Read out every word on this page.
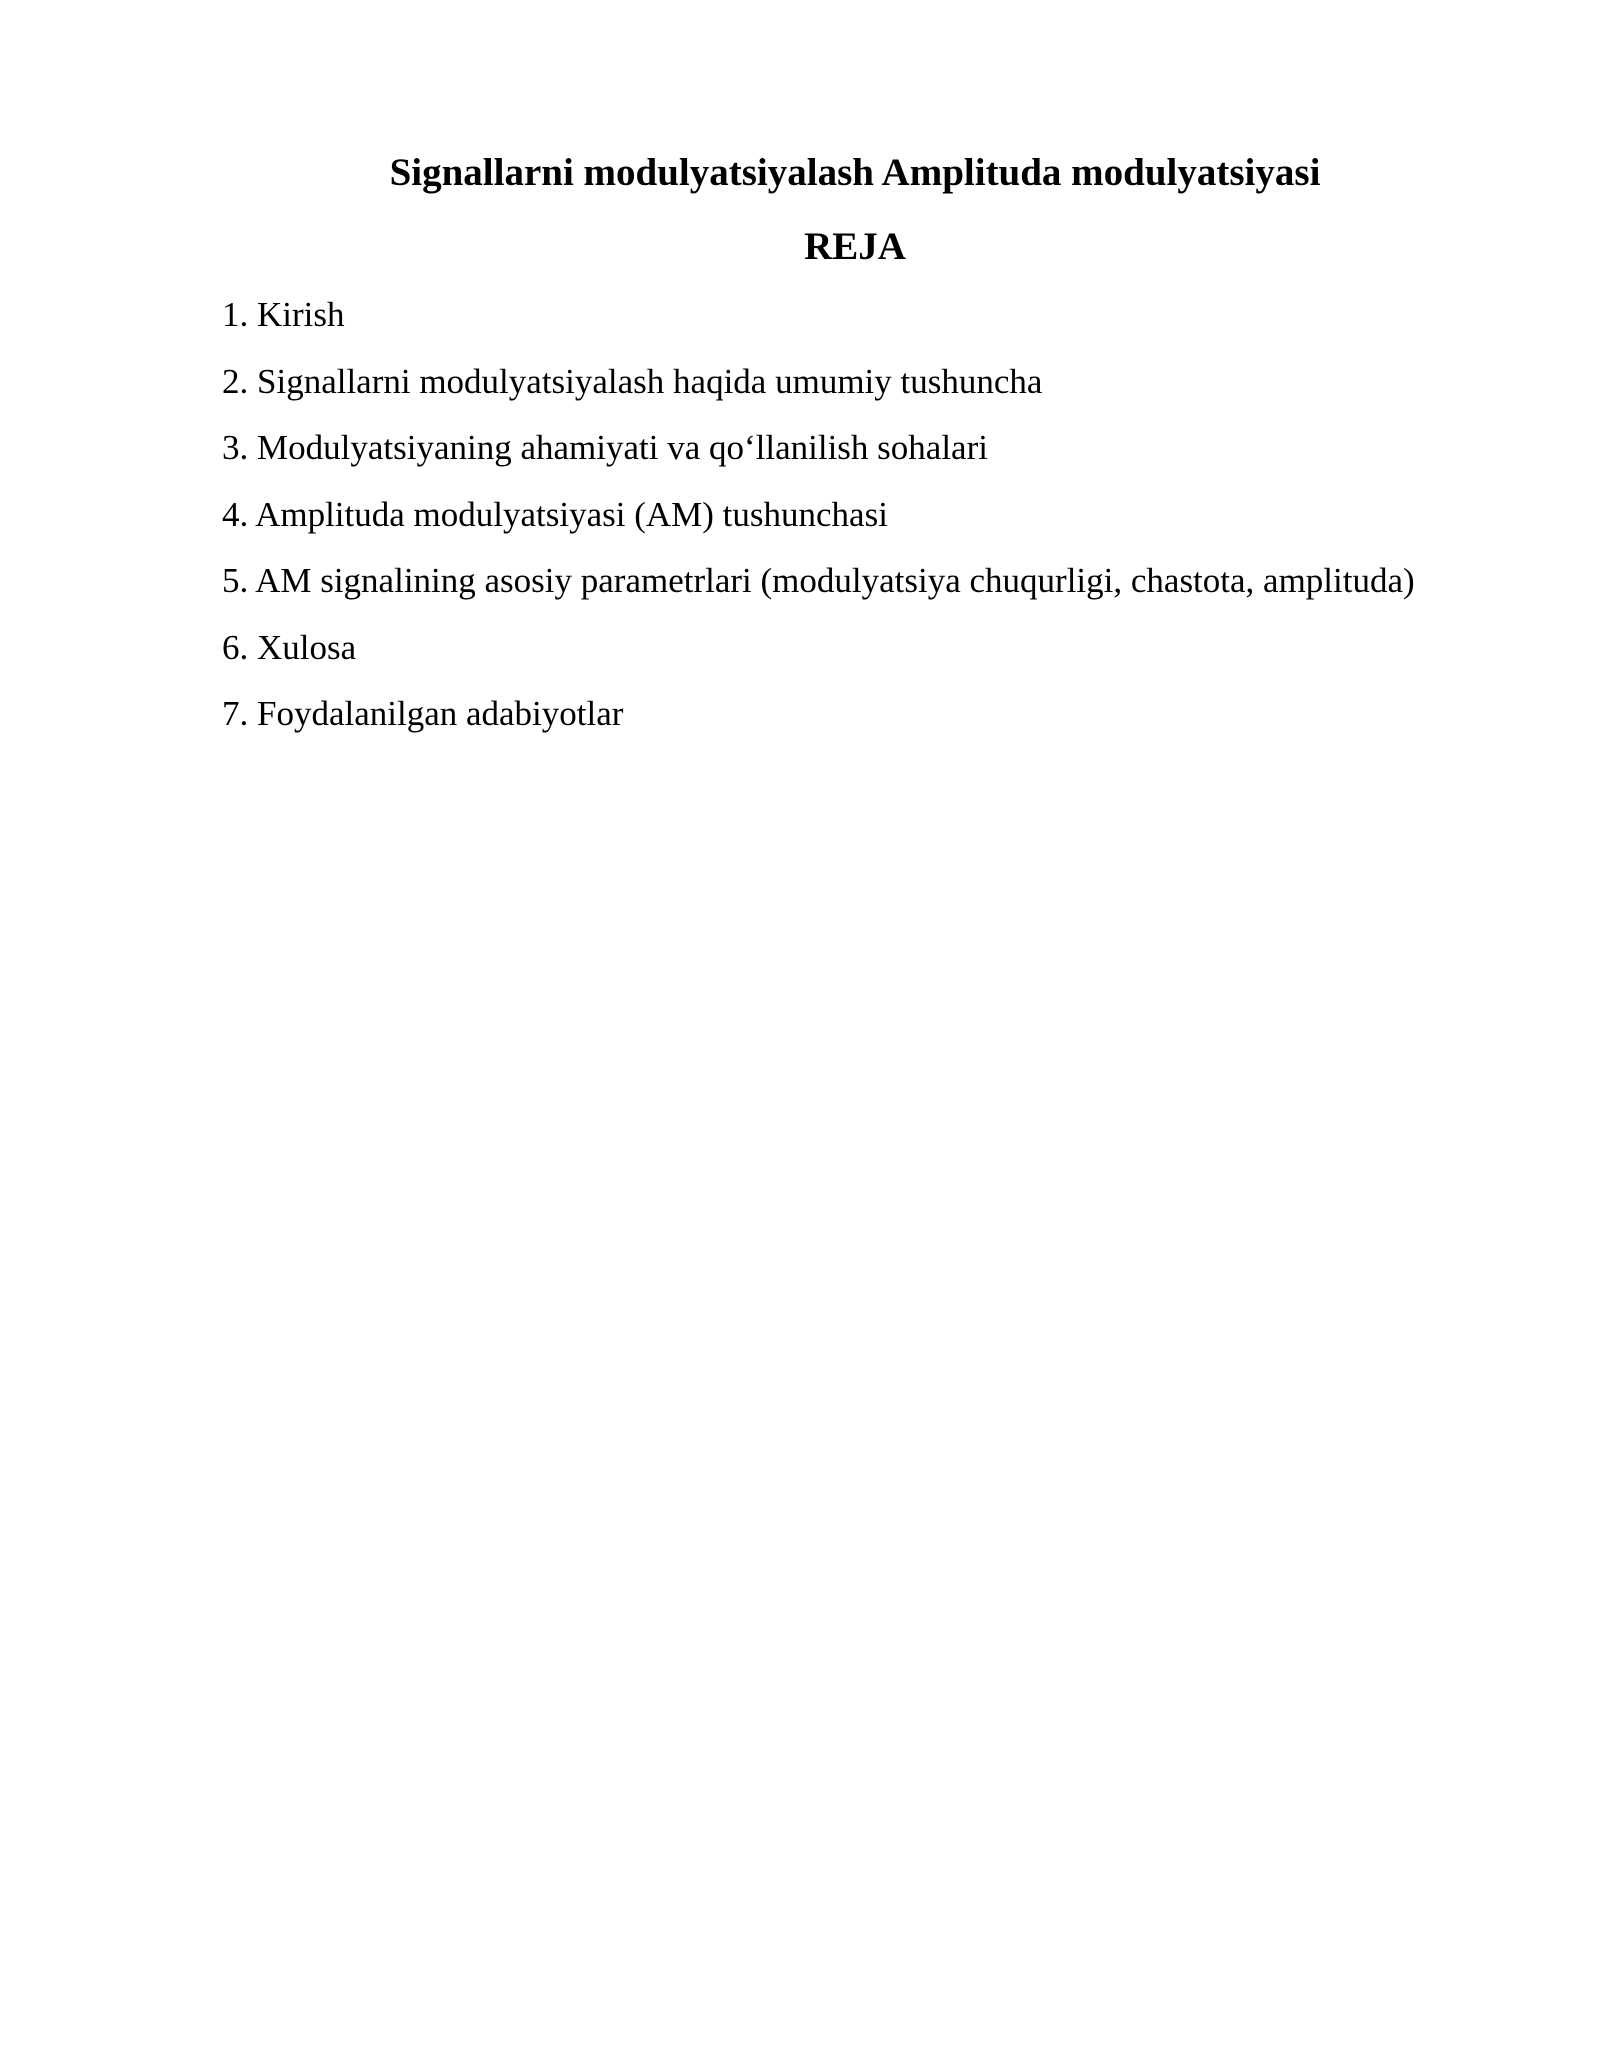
Signallarni modulyatsiyalash Amplituda modulyatsiyasi
REJA
1. Kirish
2. Signallarni modulyatsiyalash haqida umumiy tushuncha
3. Modulyatsiyaning ahamiyati va qo‘llanilish sohalari
4. Amplituda modulyatsiyasi (AM) tushunchasi
5. AM signalining asosiy parametrlari (modulyatsiya chuqurligi, chastota, amplituda)
6. Xulosa
7. Foydalanilgan adabiyotlar
